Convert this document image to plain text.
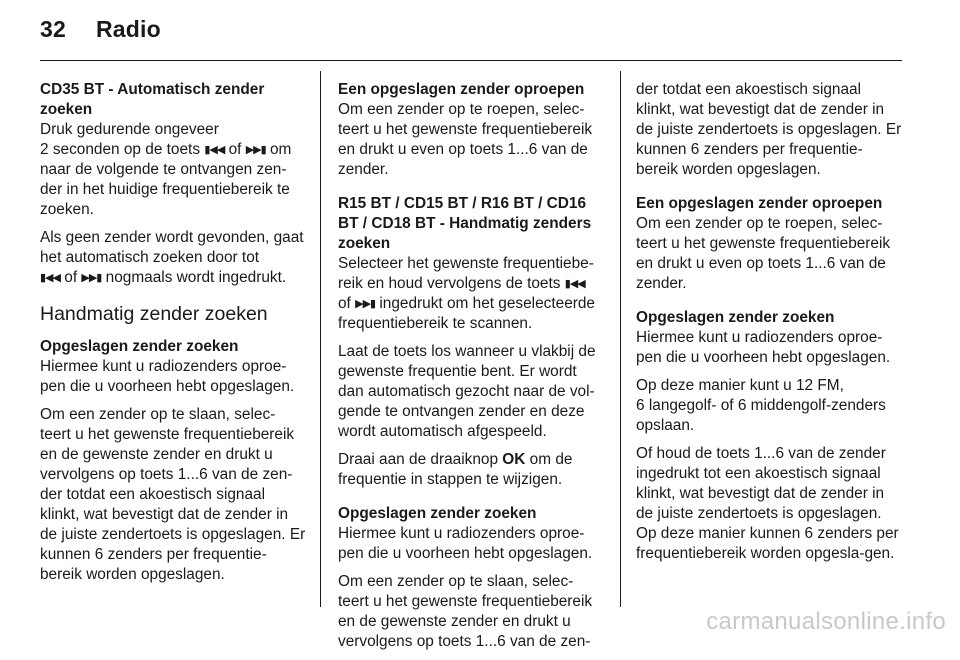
32 Radio

CD35 BT - Automatisch zender zoeken
Druk gedurende ongeveer
2 seconden op de toets ▮◀◀ of ▶▶▮ om naar de volgende te ontvangen zen-der in het huidige frequentiebereik te zoeken.

Als geen zender wordt gevonden, gaat het automatisch zoeken door tot
▮◀◀ of ▶▶▮ nogmaals wordt ingedrukt.

Handmatig zender zoeken

Opgeslagen zender zoeken
Hiermee kunt u radiozenders oproe-pen die u voorheen hebt opgeslagen.

Om een zender op te slaan, selec-teert u het gewenste frequentiebereik en de gewenste zender en drukt u vervolgens op toets 1...6 van de zen-der totdat een akoestisch signaal klinkt, wat bevestigt dat de zender in de juiste zendertoets is opgeslagen. Er kunnen 6 zenders per frequentie-bereik worden opgeslagen.

Een opgeslagen zender oproepen
Om een zender op te roepen, selec-teert u het gewenste frequentiebereik en drukt u even op toets 1...6 van de zender.

R15 BT / CD15 BT / R16 BT / CD16 BT / CD18 BT - Handmatig zenders zoeken
Selecteer het gewenste frequentiebe-reik en houd vervolgens de toets ▮◀◀
of ▶▶▮ ingedrukt om het geselecteerde frequentiebereik te scannen.

Laat de toets los wanneer u vlakbij de gewenste frequentie bent. Er wordt dan automatisch gezocht naar de vol-gende te ontvangen zender en deze wordt automatisch afgespeeld.

Draai aan de draaiknop OK om de frequentie in stappen te wijzigen.

Opgeslagen zender zoeken
Hiermee kunt u radiozenders oproe-pen die u voorheen hebt opgeslagen.

Om een zender op te slaan, selec-teert u het gewenste frequentiebereik en de gewenste zender en drukt u vervolgens op toets 1...6 van de zen-

der totdat een akoestisch signaal klinkt, wat bevestigt dat de zender in de juiste zendertoets is opgeslagen. Er kunnen 6 zenders per frequentie-bereik worden opgeslagen.

Een opgeslagen zender oproepen
Om een zender op te roepen, selec-teert u het gewenste frequentiebereik en drukt u even op toets 1...6 van de zender.

Opgeslagen zender zoeken
Hiermee kunt u radiozenders oproe-pen die u voorheen hebt opgeslagen.

Op deze manier kunt u 12 FM,
6 langegolf- of 6 middengolf-zenders opslaan.

Of houd de toets 1...6 van de zender ingedrukt tot een akoestisch signaal klinkt, wat bevestigt dat de zender in de juiste zendertoets is opgeslagen. Op deze manier kunnen 6 zenders per frequentiebereik worden opgesla-gen.

carmanualsonline.info
